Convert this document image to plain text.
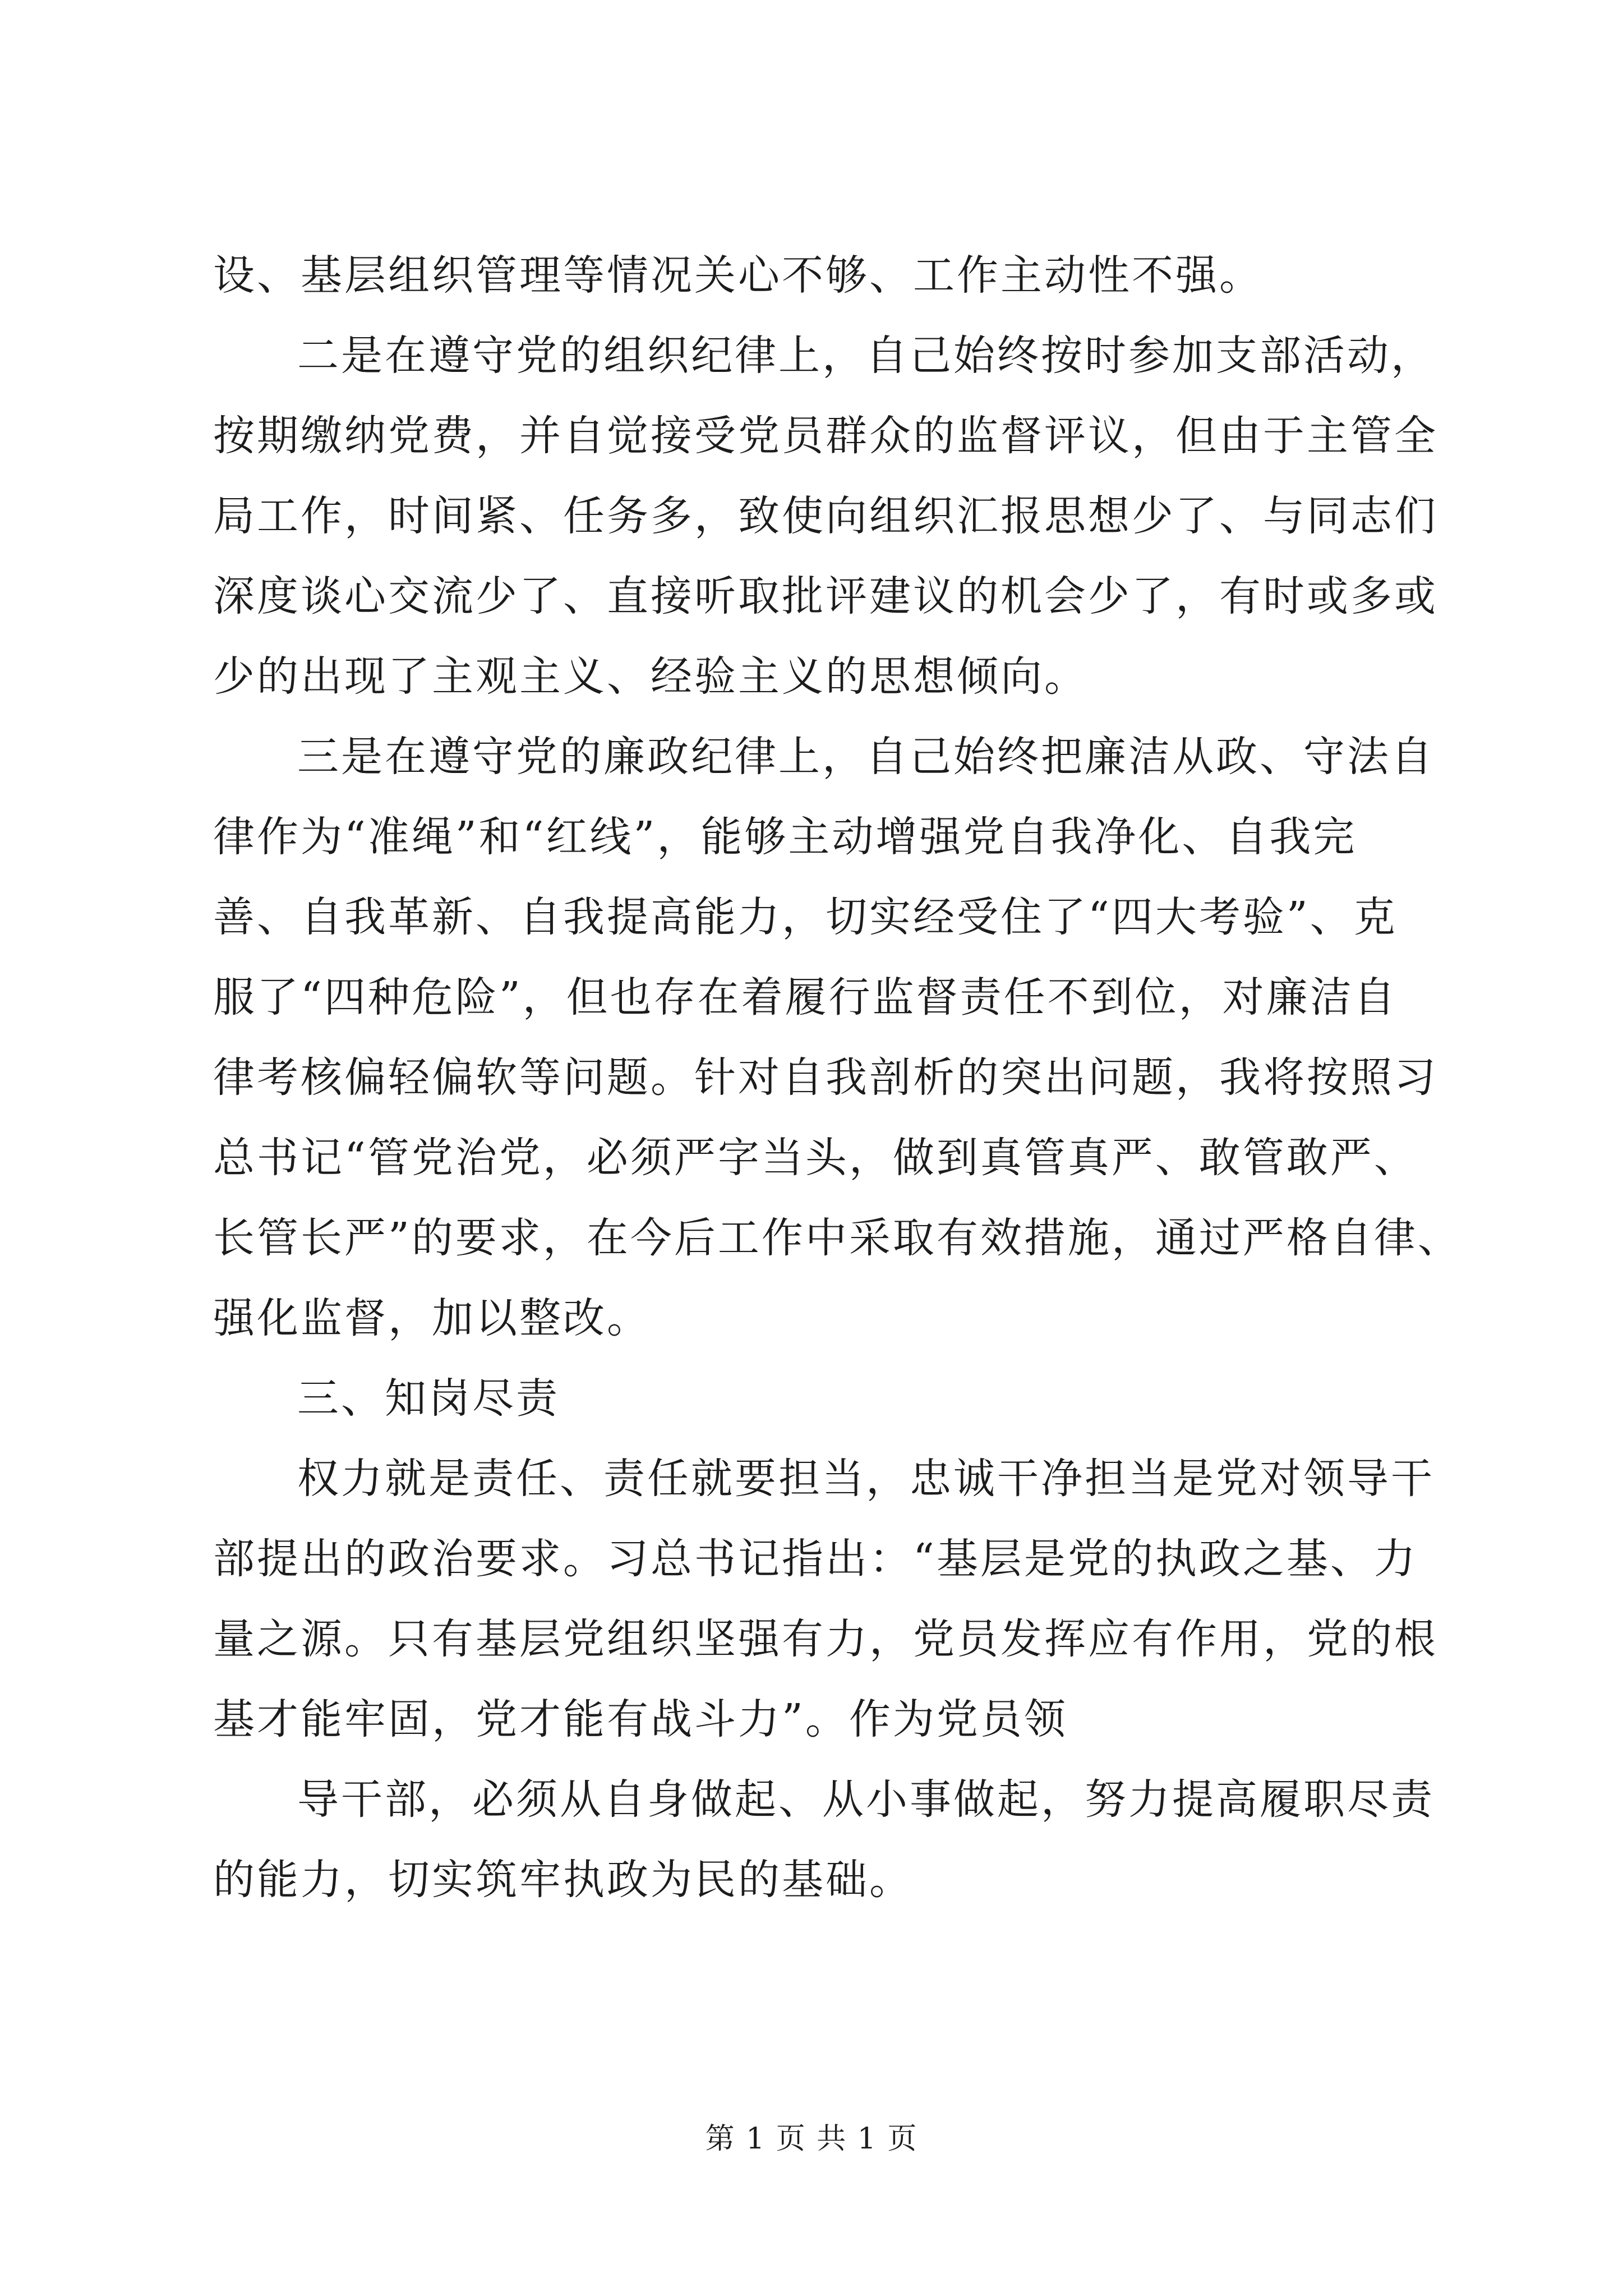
设、基层组织管理等情况关心不够、工作主动性不强。
二是在遵守党的组织纪律上，自己始终按时参加支部活动，
按期缴纳党费，并自觉接受党员群众的监督评议，但由于主管全
局工作，时间紧、任务多，致使向组织汇报思想少了、与同志们
深度谈心交流少了、直接听取批评建议的机会少了，有时或多或
少的出现了主观主义、经验主义的思想倾向。
三是在遵守党的廉政纪律上，自己始终把廉洁从政、守法自
律作为“准绳”和“红线”，能够主动增强党自我净化、自我完
善、自我革新、自我提高能力，切实经受住了“四大考验”、克
服了“四种危险”，但也存在着履行监督责任不到位，对廉洁自
律考核偏轻偏软等问题。针对自我剖析的突出问题，我将按照习
总书记“管党治党，必须严字当头，做到真管真严、敢管敢严、
长管长严”的要求，在今后工作中采取有效措施，通过严格自律、
强化监督，加以整改。
三、知岗尽责
权力就是责任、责任就要担当，忠诚干净担当是党对领导干
部提出的政治要求。习总书记指出：“基层是党的执政之基、力
量之源。只有基层党组织坚强有力，党员发挥应有作用，党的根
基才能牢固，党才能有战斗力”。作为党员领
导干部，必须从自身做起、从小事做起，努力提高履职尽责
的能力，切实筑牢执政为民的基础。
第 1 页 共 1 页
